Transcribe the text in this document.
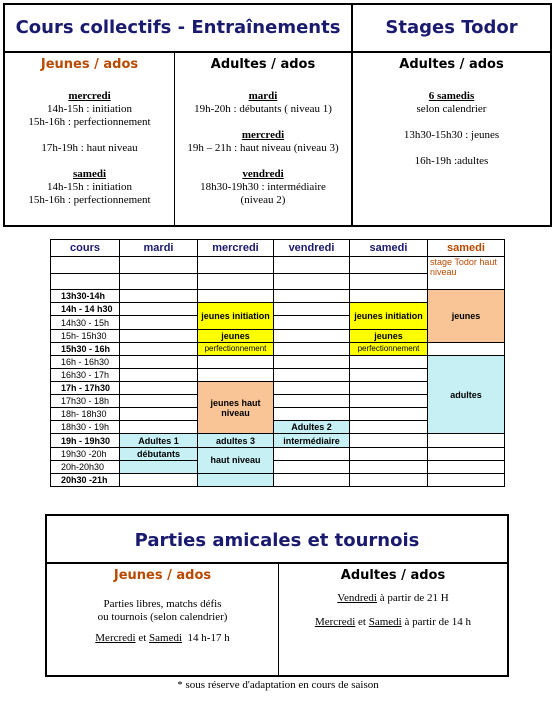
Cours collectifs - Entraînements	Stages Todor
Jeunes / ados
mercredi
14h-15h : initiation
15h-16h : perfectionnement
17h-19h : haut niveau
samedi
14h-15h : initiation
15h-16h : perfectionnement
Adultes / ados
mardi
19h-20h : débutants ( niveau 1)
mercredi
19h – 21h : haut niveau (niveau 3)
vendredi
18h30-19h30 : intermédiaire
(niveau 2)
Adultes / ados
6 samedis
selon calendrier
13h30-15h30 : jeunes
16h-19h :adultes
cours	mardi	mercredi	vendredi	samedi	samedi
					stage Todor haut niveau

13h30-14h					jeunes
14h - 14 h30		jeunes initiation		jeunes initiation	
14h30 - 15h					
15h- 15h30		jeunes		jeunes	
15h30 - 16h		perfectionnement		perfectionnement	
16h - 16h30					adultes
16h30 - 17h					
17h - 17h30		jeunes haut niveau			
17h30 - 18h					
18h- 18h30					
18h30 - 19h			Adultes 2		
19h - 19h30	Adultes 1	adultes 3	intermédiaire		
19h30 -20h	débutants	haut niveau			
20h-20h30					
20h30 -21h					
Parties amicales et tournois
Jeunes / ados
Parties libres, matchs défis
ou tournois (selon calendrier)
Mercredi et Samedi  14 h-17 h
Adultes / ados
Vendredi à partir de 21 H
Mercredi et Samedi à partir de 14 h
* sous réserve d'adaptation en cours de saison
